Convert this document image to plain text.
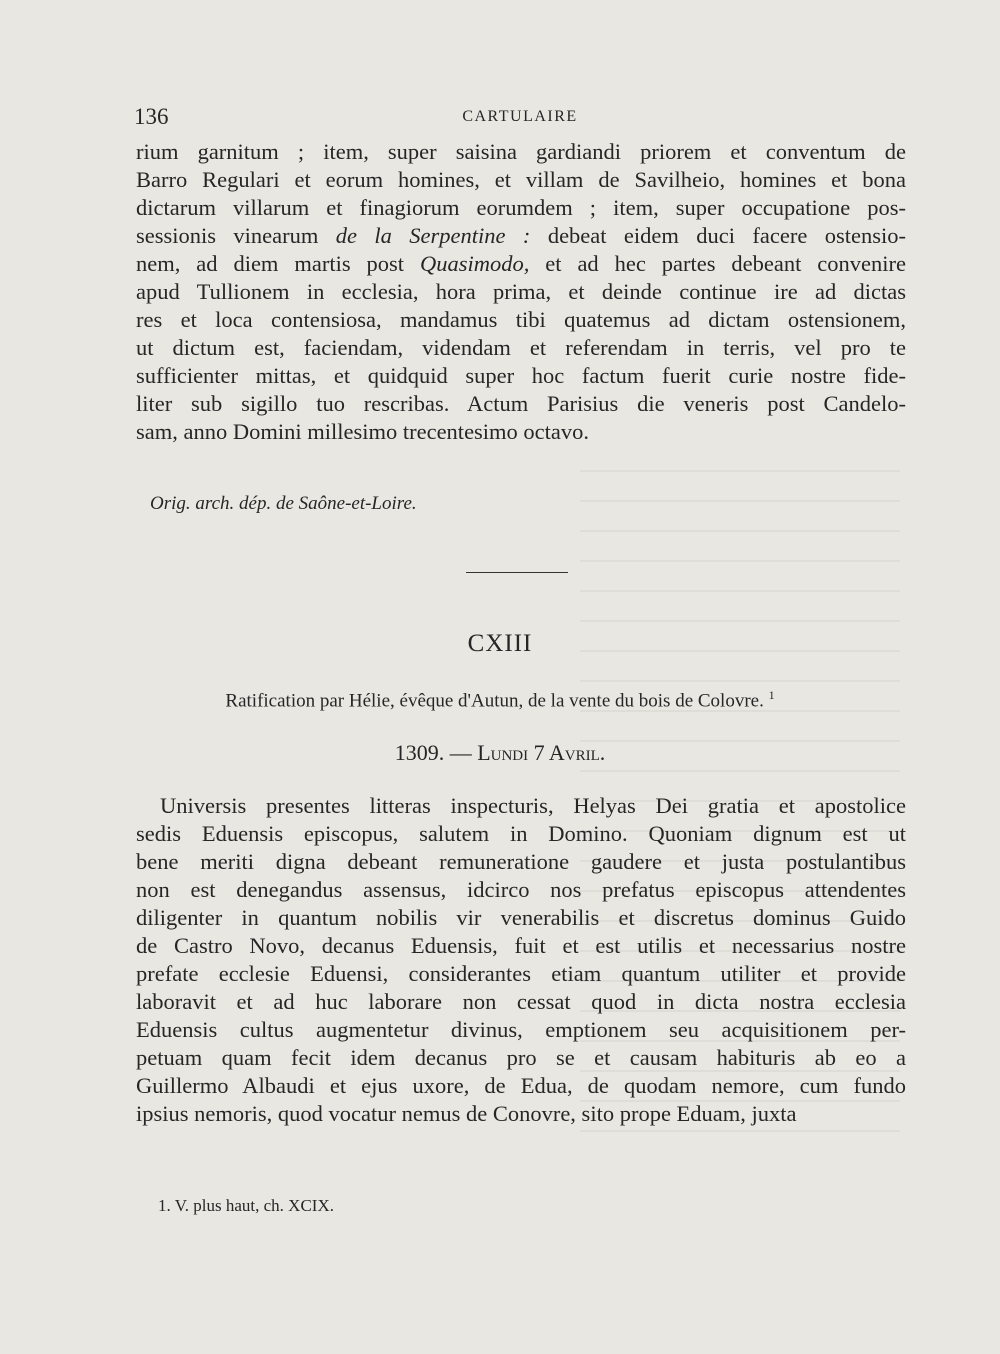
136	CARTULAIRE
rium garnitum ; item, super saisina gardiandi priorem et conventum de
Barro Regulari et eorum homines, et villam de Savilheio, homines et bona
dictarum villarum et finagiorum eorumdem ; item, super occupatione pos-
sessionis vinearum de la Serpentine : debeat eidem duci facere ostensio-
nem, ad diem martis post Quasimodo, et ad hec partes debeant convenire
apud Tullionem in ecclesia, hora prima, et deinde continue ire ad dictas
res et loca contensiosa, mandamus tibi quatemus ad dictam ostensionem,
ut dictum est, faciendam, videndam et referendam in terris, vel pro te
sufficienter mittas, et quidquid super hoc factum fuerit curie nostre fide-
liter sub sigillo tuo rescribas. Actum Parisius die veneris post Candelo-
sam, anno Domini millesimo trecentesimo octavo.
Orig. arch. dép. de Saône-et-Loire.
CXIII
Ratification par Hélie, évêque d'Autun, de la vente du bois de Colovre. $^1$
1309. — Lundi 7 Avril.
Universis presentes litteras inspecturis, Helyas Dei gratia et apostolice
sedis Eduensis episcopus, salutem in Domino. Quoniam dignum est ut
bene meriti digna debeant remuneratione gaudere et justa postulantibus
non est denegandus assensus, idcirco nos prefatus episcopus attendentes
diligenter in quantum nobilis vir venerabilis et discretus dominus Guido
de Castro Novo, decanus Eduensis, fuit et est utilis et necessarius nostre
prefate ecclesie Eduensi, considerantes etiam quantum utiliter et provide
laboravit et ad huc laborare non cessat quod in dicta nostra ecclesia
Eduensis cultus augmentetur divinus, emptionem seu acquisitionem per-
petuam quam fecit idem decanus pro se et causam habituris ab eo a
Guillermo Albaudi et ejus uxore, de Edua, de quodam nemore, cum fundo
ipsius nemoris, quod vocatur nemus de Conovre, sito prope Eduam, juxta
1. V. plus haut, ch. XCIX.
